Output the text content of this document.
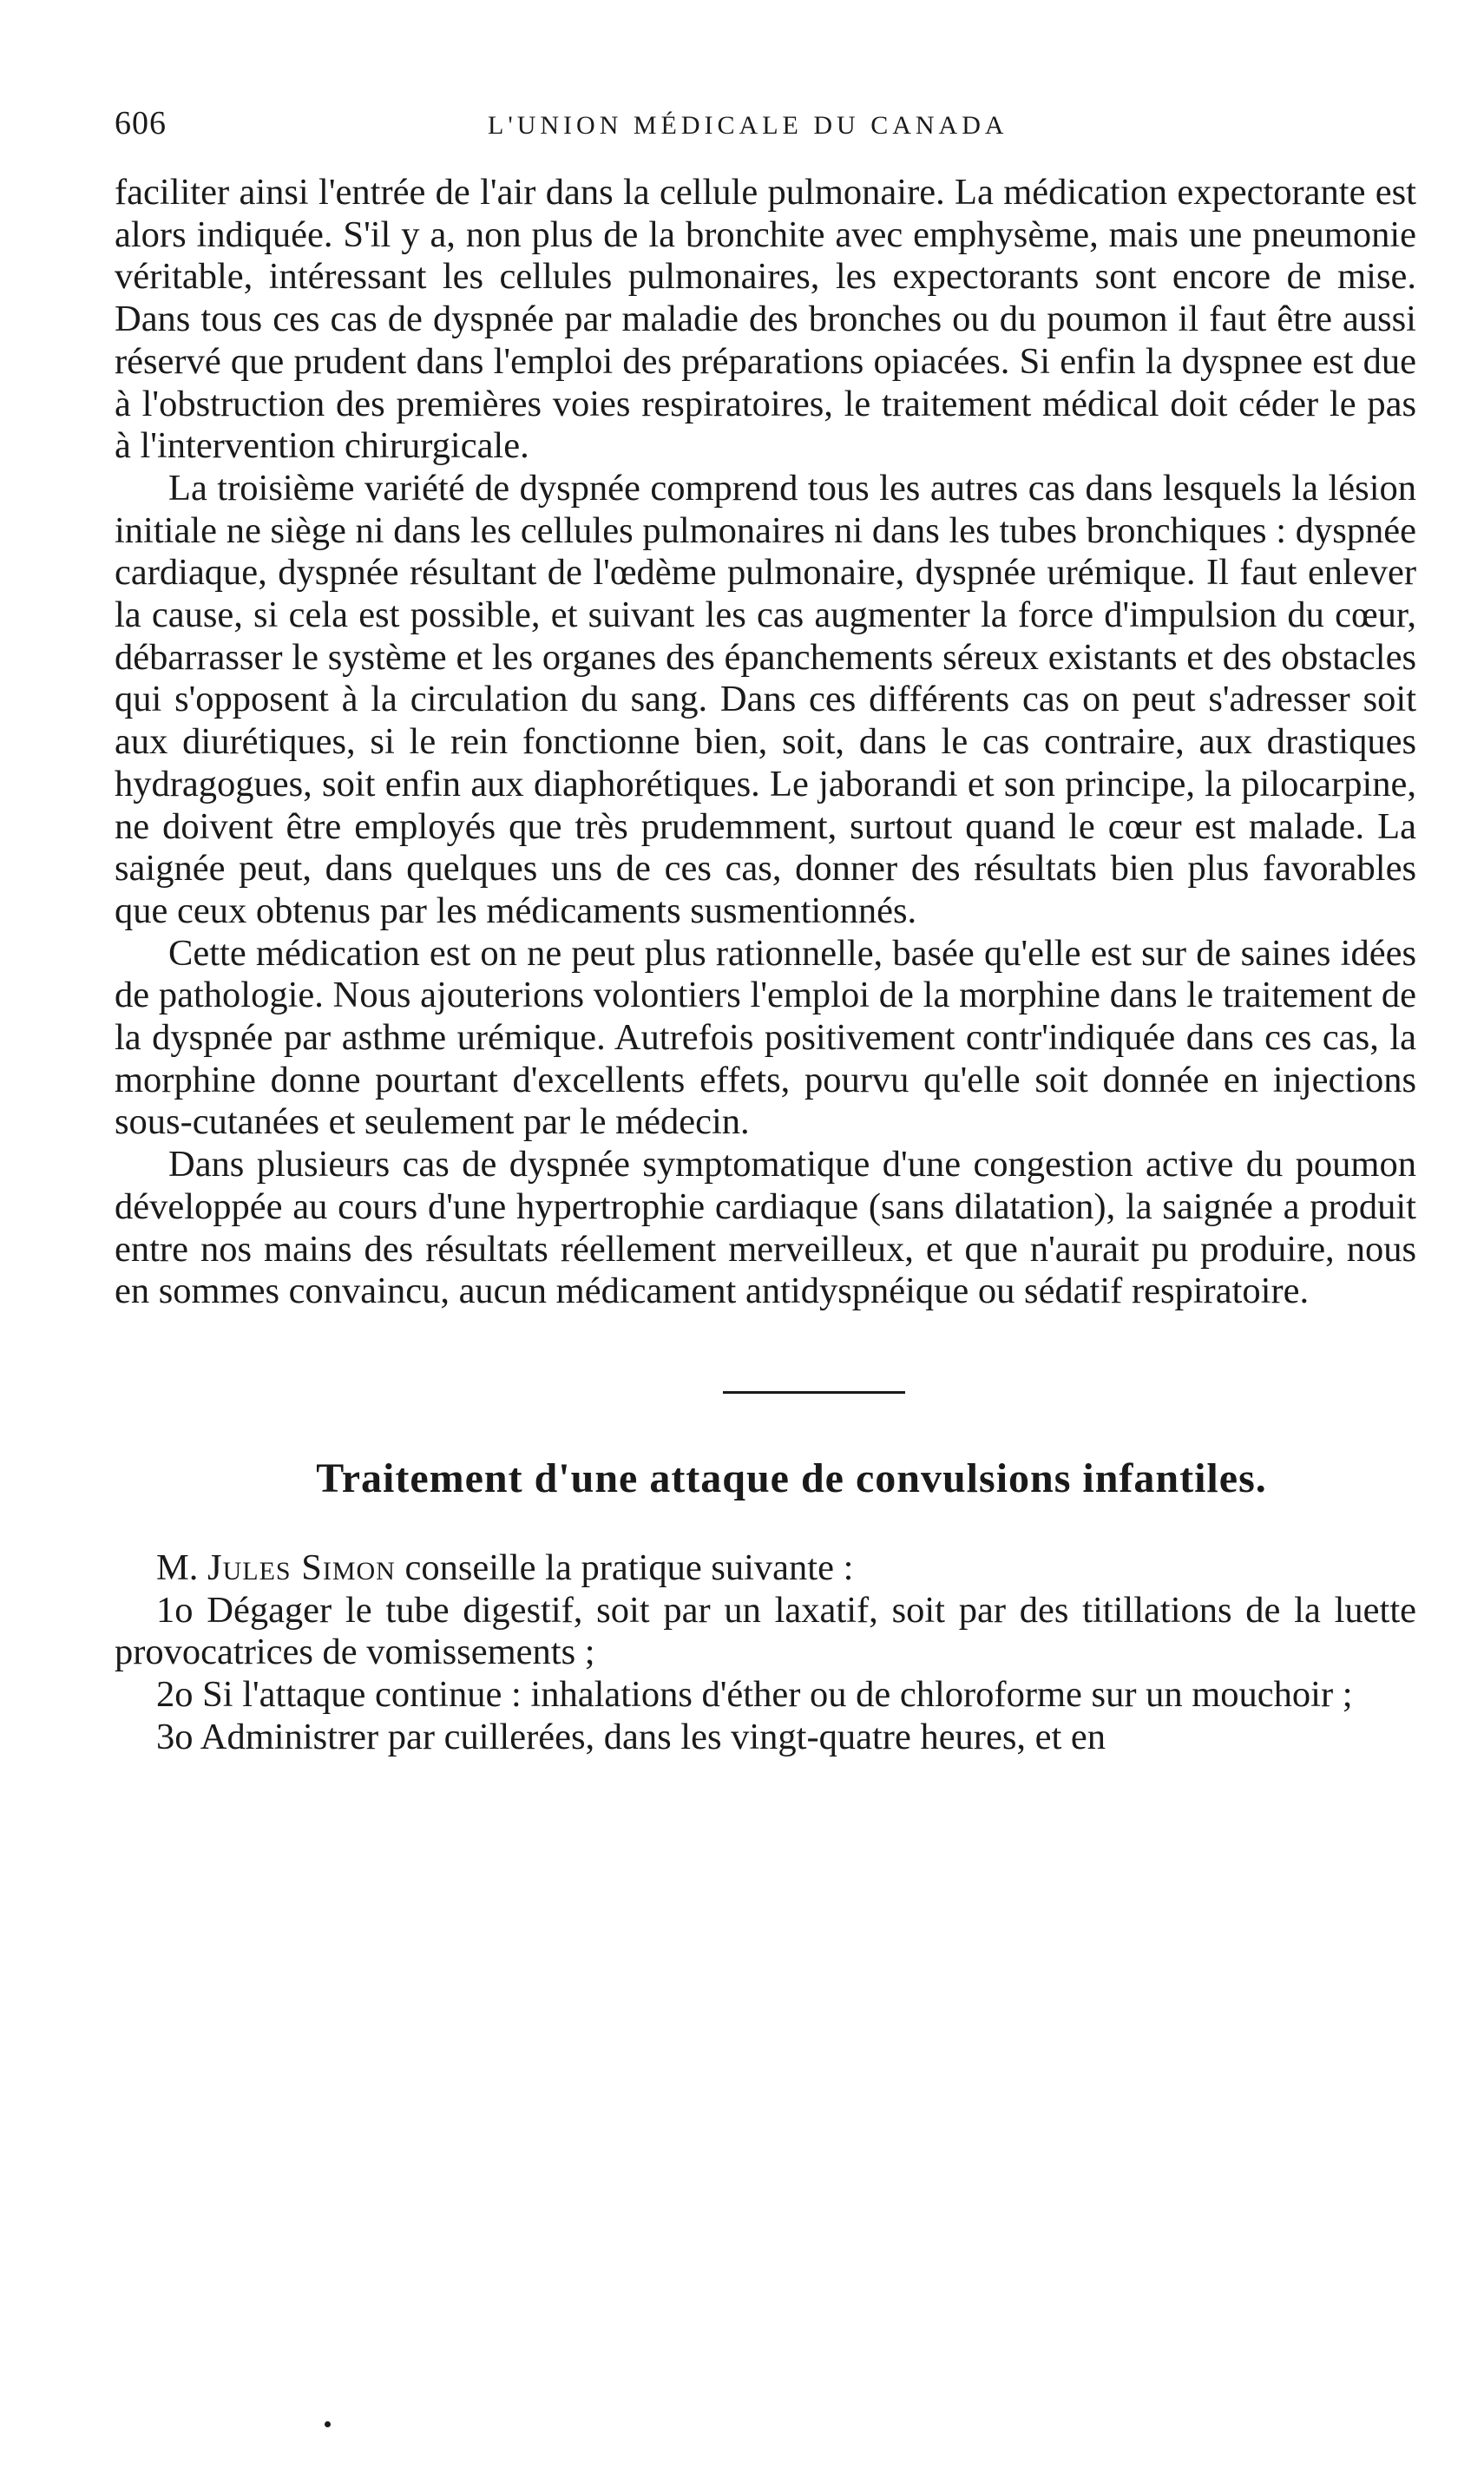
606	L'UNION MÉDICALE DU CANADA

faciliter ainsi l'entrée de l'air dans la cellule pulmonaire. La médication expectorante est alors indiquée. S'il y a, non plus de la bronchite avec emphysème, mais une pneumonie véritable, intéressant les cellules pulmonaires, les expectorants sont encore de mise. Dans tous ces cas de dyspnée par maladie des bronches ou du poumon il faut être aussi réservé que prudent dans l'emploi des préparations opiacées. Si enfin la dyspnee est due à l'obstruction des premières voies respiratoires, le traitement médical doit céder le pas à l'intervention chirurgicale.

La troisième variété de dyspnée comprend tous les autres cas dans lesquels la lésion initiale ne siège ni dans les cellules pulmonaires ni dans les tubes bronchiques : dyspnée cardiaque, dyspnée résultant de l'œdème pulmonaire, dyspnée urémique. Il faut enlever la cause, si cela est possible, et suivant les cas augmenter la force d'impulsion du cœur, débarrasser le système et les organes des épanchements séreux existants et des obstacles qui s'opposent à la circulation du sang. Dans ces différents cas on peut s'adresser soit aux diurétiques, si le rein fonctionne bien, soit, dans le cas contraire, aux drastiques hydragogues, soit enfin aux diaphorétiques. Le jaborandi et son principe, la pilocarpine, ne doivent être employés que très prudemment, surtout quand le cœur est malade. La saignée peut, dans quelques uns de ces cas, donner des résultats bien plus favorables que ceux obtenus par les médicaments susmentionnés.

Cette médication est on ne peut plus rationnelle, basée qu'elle est sur de saines idées de pathologie. Nous ajouterions volontiers l'emploi de la morphine dans le traitement de la dyspnée par asthme urémique. Autrefois positivement contr'indiquée dans ces cas, la morphine donne pourtant d'excellents effets, pourvu qu'elle soit donnée en injections sous-cutanées et seulement par le médecin.

Dans plusieurs cas de dyspnée symptomatique d'une congestion active du poumon développée au cours d'une hypertrophie cardiaque (sans dilatation), la saignée a produit entre nos mains des résultats réellement merveilleux, et que n'aurait pu produire, nous en sommes convaincu, aucun médicament antidyspnéique ou sédatif respiratoire.

Traitement d'une attaque de convulsions infantiles.

M. Jules Simon conseille la pratique suivante :

1o Dégager le tube digestif, soit par un laxatif, soit par des titillations de la luette provocatrices de vomissements ;

2o Si l'attaque continue : inhalations d'éther ou de chloroforme sur un mouchoir ;

3o Administrer par cuillerées, dans les vingt-quatre heures, et en
